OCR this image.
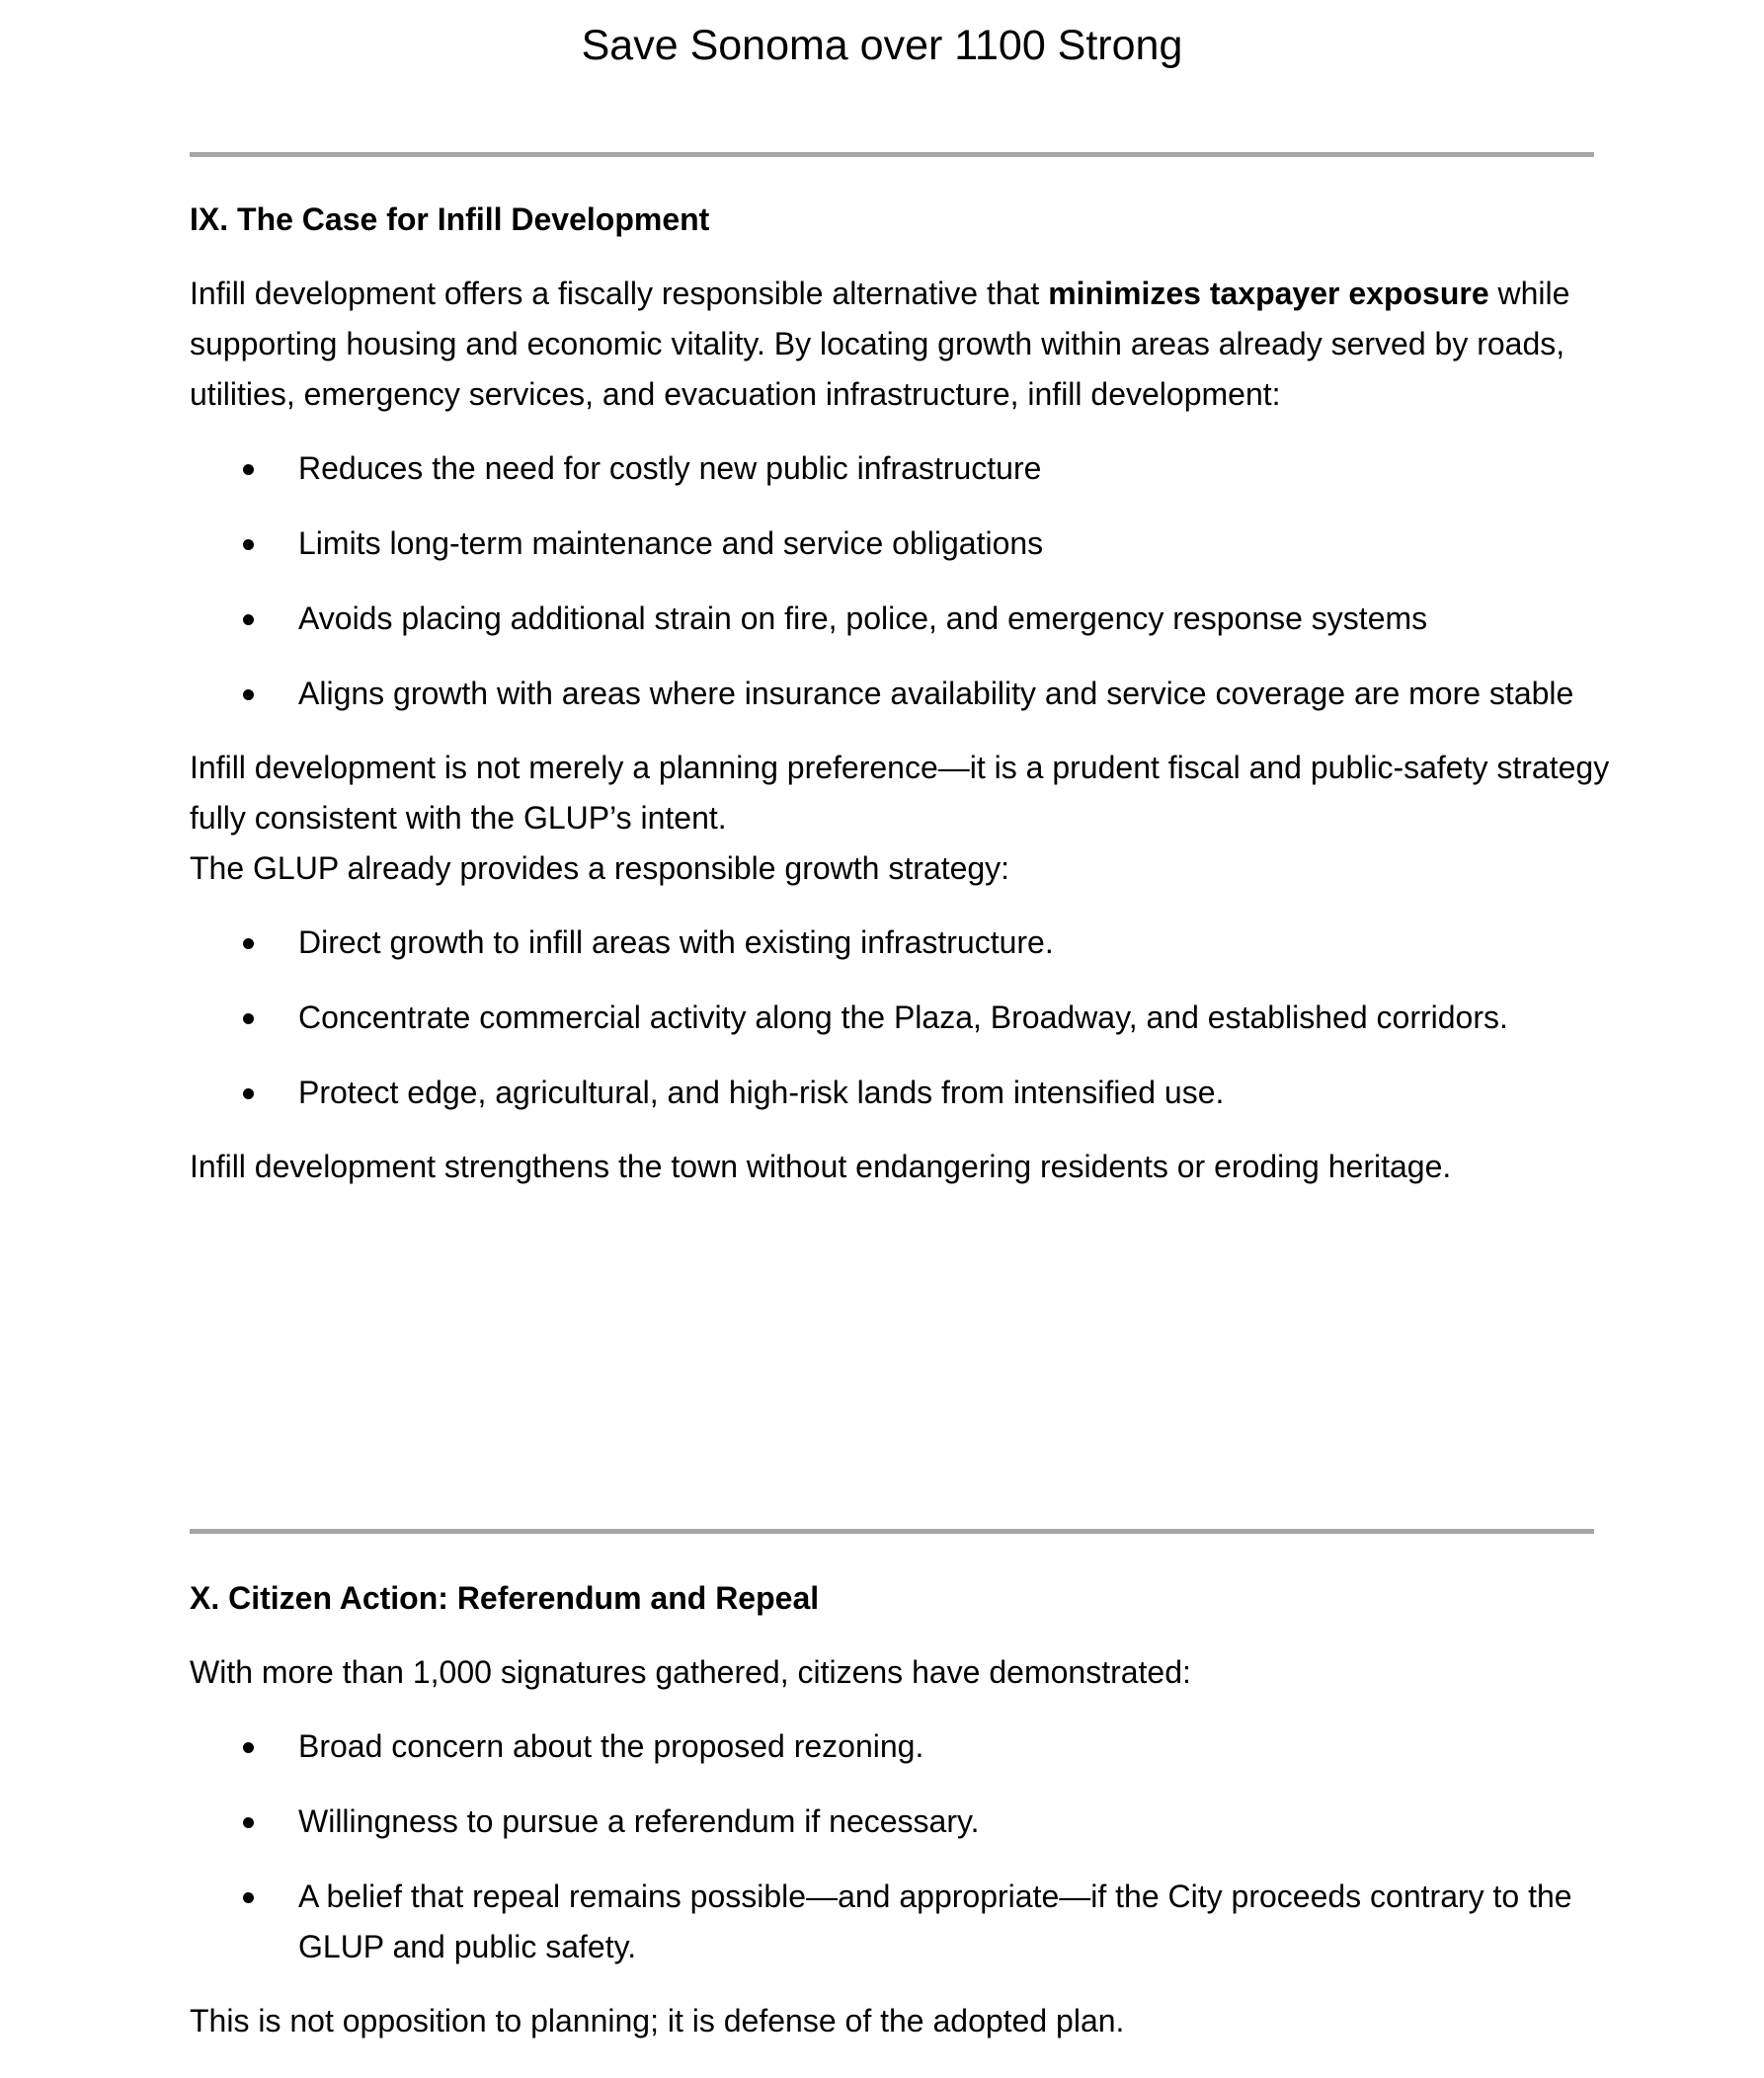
Save Sonoma over 1100 Strong
IX. The Case for Infill Development

Infill development offers a fiscally responsible alternative that minimizes taxpayer exposure while supporting housing and economic vitality. By locating growth within areas already served by roads, utilities, emergency services, and evacuation infrastructure, infill development:

Reduces the need for costly new public infrastructure
Limits long-term maintenance and service obligations
Avoids placing additional strain on fire, police, and emergency response systems
Aligns growth with areas where insurance availability and service coverage are more stable

Infill development is not merely a planning preference—it is a prudent fiscal and public-safety strategy fully consistent with the GLUP’s intent.

The GLUP already provides a responsible growth strategy:

Direct growth to infill areas with existing infrastructure.
Concentrate commercial activity along the Plaza, Broadway, and established corridors.
Protect edge, agricultural, and high-risk lands from intensified use.

Infill development strengthens the town without endangering residents or eroding heritage.

X. Citizen Action: Referendum and Repeal

With more than 1,000 signatures gathered, citizens have demonstrated:

Broad concern about the proposed rezoning.
Willingness to pursue a referendum if necessary.
A belief that repeal remains possible—and appropriate—if the City proceeds contrary to the GLUP and public safety.

This is not opposition to planning; it is defense of the adopted plan.
